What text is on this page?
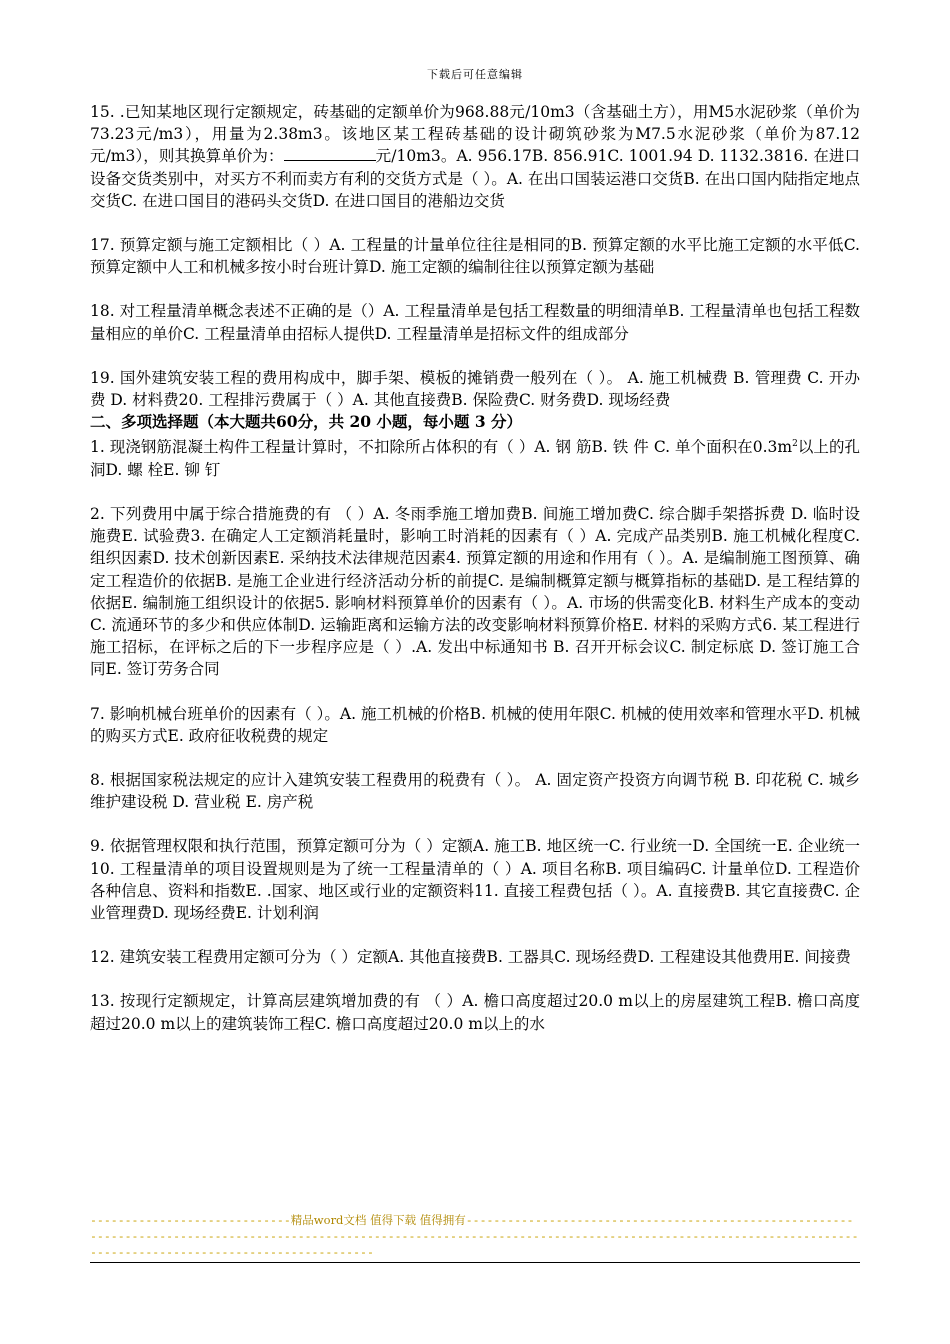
下载后可任意编辑

15. .已知某地区现行定额规定，砖基础的定额单价为968.88元/10m3（含基础土方），用M5水泥砂浆（单价为73.23元/m3），用量为2.38m3。该地区某工程砖基础的设计砌筑砂浆为M7.5水泥砂浆（单价为87.12元/m3），则其换算单价为：	元/10m3。A. 956.17B. 856.91C. 1001.94 D. 1132.3816. 在进口设备交货类别中，对买方不利而卖方有利的交货方式是（ ）。A. 在出口国装运港口交货B. 在出口国内陆指定地点交货C. 在进口国目的港码头交货D. 在进口国目的港船边交货

17. 预算定额与施工定额相比（ ）A. 工程量的计量单位往往是相同的B. 预算定额的水平比施工定额的水平低C. 预算定额中人工和机械多按小时台班计算D. 施工定额的编制往往以预算定额为基础

18. 对工程量清单概念表述不正确的是（）A. 工程量清单是包括工程数量的明细清单B. 工程量清单也包括工程数量相应的单价C. 工程量清单由招标人提供D. 工程量清单是招标文件的组成部分

19. 国外建筑安装工程的费用构成中，脚手架、模板的摊销费一般列在（ ）。 A. 施工机械费 B. 管理费 C. 开办费 D. 材料费20. 工程排污费属于（ ）A. 其他直接费B. 保险费C. 财务费D. 现场经费

二、多项选择题（本大题共60分，共 20 小题，每小题 3 分）

1. 现浇钢筋混凝土构件工程量计算时，不扣除所占体积的有（ ）A. 钢 筋B. 铁 件 C. 单个面积在$0.3m^2$以上的孔洞D. 螺 栓E. 铆 钉

2. 下列费用中属于综合措施费的有 （ ）A. 冬雨季施工增加费B. 间施工增加费C. 综合脚手架搭拆费 D. 临时设施费E. 试验费3. 在确定人工定额消耗量时，影响工时消耗的因素有（ ）A. 完成产品类别B. 施工机械化程度C. 组织因素D. 技术创新因素E. 采纳技术法律规范因素4. 预算定额的用途和作用有（ ）。A. 是编制施工图预算、确定工程造价的依据B. 是施工企业进行经济活动分析的前提C. 是编制概算定额与概算指标的基础D. 是工程结算的依据E. 编制施工组织设计的依据5. 影响材料预算单价的因素有（ ）。A. 市场的供需变化B. 材料生产成本的变动C. 流通环节的多少和供应体制D. 运输距离和运输方法的改变影响材料预算价格E. 材料的采购方式6. 某工程进行施工招标，在评标之后的下一步程序应是（ ）.A. 发出中标通知书 B. 召开开标会议C. 制定标底 D. 签订施工合同E. 签订劳务合同

7. 影响机械台班单价的因素有（ ）。A. 施工机械的价格B. 机械的使用年限C. 机械的使用效率和管理水平D. 机械的购买方式E. 政府征收税费的规定

8. 根据国家税法规定的应计入建筑安装工程费用的税费有（ ）。 A. 固定资产投资方向调节税 B. 印花税 C. 城乡维护建设税 D. 营业税 E. 房产税

9. 依据管理权限和执行范围，预算定额可分为（ ）定额A. 施工B. 地区统一C. 行业统一D. 全国统一E. 企业统一10. 工程量清单的项目设置规则是为了统一工程量清单的（ ）A. 项目名称B. 项目编码C. 计量单位D. 工程造价各种信息、资料和指数E. .国家、地区或行业的定额资料11. 直接工程费包括（ ）。A. 直接费B. 其它直接费C. 企业管理费D. 现场经费E. 计划利润

12. 建筑安装工程费用定额可分为（ ）定额A. 其他直接费B. 工器具C. 现场经费D. 工程建设其他费用E. 间接费

13. 按现行定额规定，计算高层建筑增加费的有 （ ）A. 檐口高度超过20.0 m以上的房屋建筑工程B. 檐口高度超过20.0 m以上的建筑装饰工程C. 檐口高度超过20.0 m以上的水

-----------------------------精品word文档 值得下载 值得拥有----------------------------------------------------------------------------------------------------------------------------------------------------------------------------------------------------------------
